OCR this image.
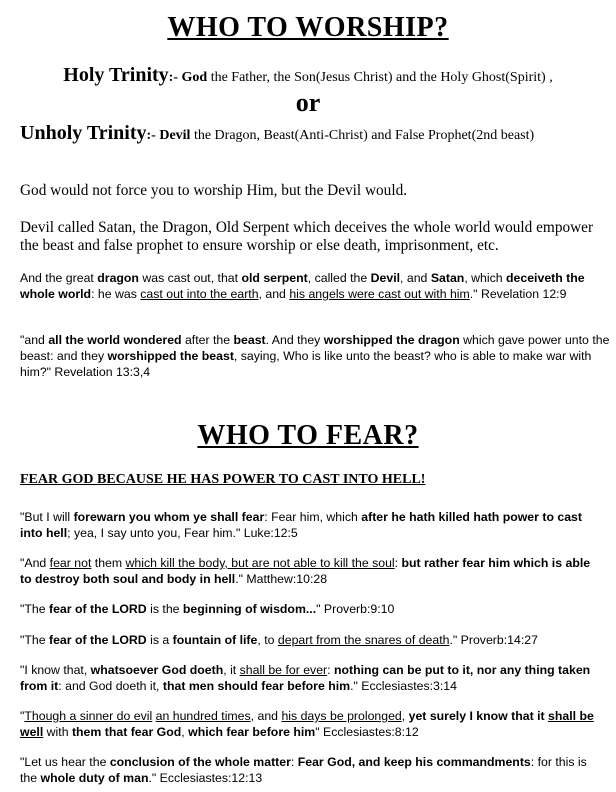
WHO TO WORSHIP?
Holy Trinity:- God the Father, the Son(Jesus Christ) and the Holy Ghost(Spirit) ,
or
Unholy Trinity:- Devil the Dragon, Beast(Anti-Christ) and False Prophet(2nd beast)
God would not force you to worship Him, but the Devil would.
Devil called Satan, the Dragon, Old Serpent which deceives the whole world would empower the beast and false prophet to ensure worship or else death, imprisonment, etc.
And the great dragon was cast out, that old serpent, called the Devil, and Satan, which deceiveth the whole world: he was cast out into the earth, and his angels were cast out with him." Revelation 12:9
"and all the world wondered after the beast. And they worshipped the dragon which gave power unto the beast: and they worshipped the beast, saying, Who is like unto the beast? who is able to make war with him?" Revelation 13:3,4
WHO TO FEAR?
FEAR GOD BECAUSE HE HAS POWER TO CAST INTO HELL!
"But I will forewarn you whom ye shall fear: Fear him, which after he hath killed hath power to cast into hell; yea, I say unto you, Fear him." Luke:12:5
"And fear not them which kill the body, but are not able to kill the soul: but rather fear him which is able to destroy both soul and body in hell." Matthew:10:28
"The fear of the LORD is the beginning of wisdom..." Proverb:9:10
"The fear of the LORD is a fountain of life, to depart from the snares of death." Proverb:14:27
"I know that, whatsoever God doeth, it shall be for ever: nothing can be put to it, nor any thing taken from it: and God doeth it, that men should fear before him." Ecclesiastes:3:14
"Though a sinner do evil an hundred times, and his days be prolonged, yet surely I know that it shall be well with them that fear God, which fear before him" Ecclesiastes:8:12
"Let us hear the conclusion of the whole matter: Fear God, and keep his commandments: for this is the whole duty of man." Ecclesiastes:12:13
